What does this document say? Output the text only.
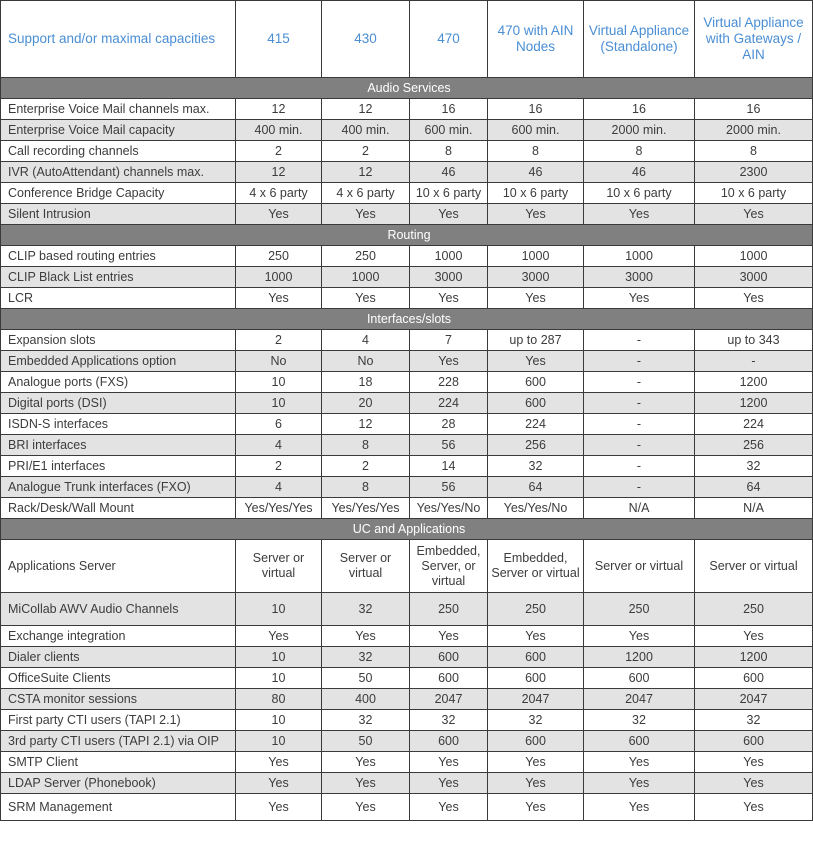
Support and/or maximal capacities	415	430	470	470 with AIN Nodes	Virtual Appliance (Standalone)	Virtual Appliance with Gateways / AIN
Audio Services						
Enterprise Voice Mail channels max.	12	12	16	16	16	16
Enterprise Voice Mail capacity	400 min.	400 min.	600 min.	600 min.	2000 min.	2000 min.
Call recording channels	2	2	8	8	8	8
IVR (AutoAttendant) channels max.	12	12	46	46	46	2300
Conference Bridge Capacity	4 x 6 party	4 x 6 party	10 x 6 party	10 x 6 party	10 x 6 party	10 x 6 party
Silent Intrusion	Yes	Yes	Yes	Yes	Yes	Yes
Routing						
CLIP based routing entries	250	250	1000	1000	1000	1000
CLIP Black List entries	1000	1000	3000	3000	3000	3000
LCR	Yes	Yes	Yes	Yes	Yes	Yes
Interfaces/slots						
Expansion slots	2	4	7	up to 287	-	up to 343
Embedded Applications option	No	No	Yes	Yes	-	-
Analogue ports (FXS)	10	18	228	600	-	1200
Digital ports (DSI)	10	20	224	600	-	1200
ISDN-S interfaces	6	12	28	224	-	224
BRI interfaces	4	8	56	256	-	256
PRI/E1 interfaces	2	2	14	32	-	32
Analogue Trunk interfaces (FXO)	4	8	56	64	-	64
Rack/Desk/Wall Mount	Yes/Yes/Yes	Yes/Yes/Yes	Yes/Yes/No	Yes/Yes/No	N/A	N/A
UC and Applications						
Applications Server	Server or virtual	Server or virtual	Embedded, Server, or virtual	Embedded, Server or virtual	Server or virtual	Server or virtual
MiCollab AWV Audio Channels	10	32	250	250	250	250
Exchange integration	Yes	Yes	Yes	Yes	Yes	Yes
Dialer clients	10	32	600	600	1200	1200
OfficeSuite Clients	10	50	600	600	600	600
CSTA monitor sessions	80	400	2047	2047	2047	2047
First party CTI users (TAPI 2.1)	10	32	32	32	32	32
3rd party CTI users (TAPI 2.1) via OIP	10	50	600	600	600	600
SMTP Client	Yes	Yes	Yes	Yes	Yes	Yes
LDAP Server (Phonebook)	Yes	Yes	Yes	Yes	Yes	Yes
SRM Management	Yes	Yes	Yes	Yes	Yes	Yes
